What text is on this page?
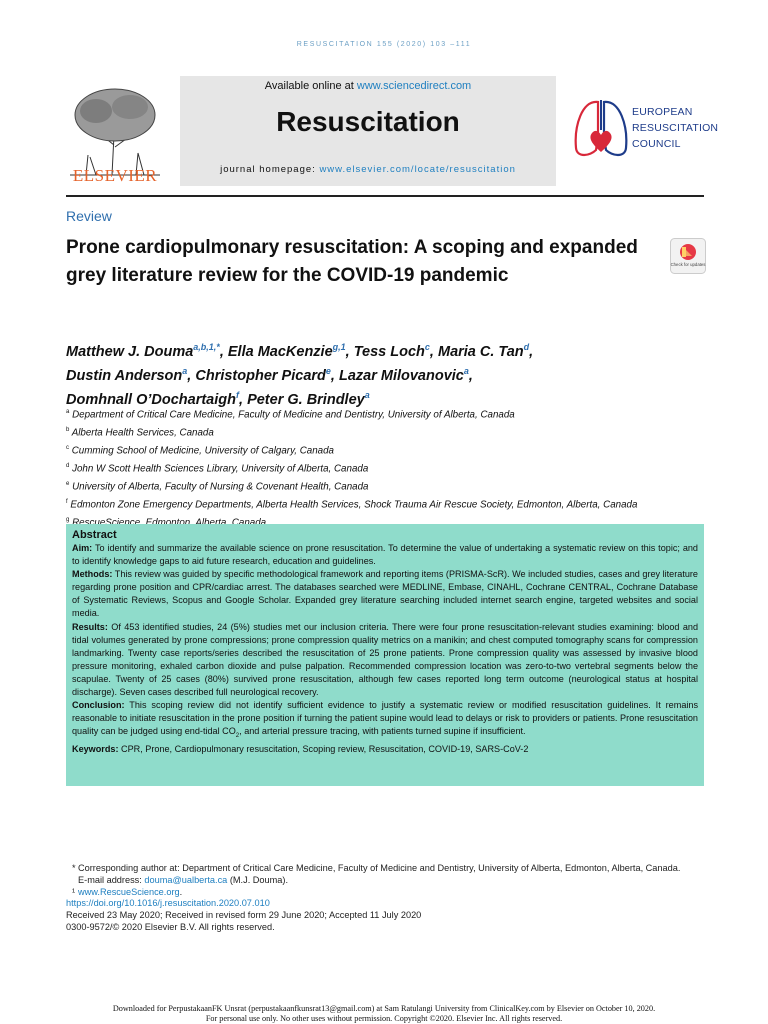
RESUSCITATION 155 (2020) 103 –111
ELSEVIER
Available online at www.sciencedirect.com
Resuscitation
journal homepage: www.elsevier.com/locate/resuscitation
EUROPEAN
RESUSCITATION
COUNCIL
Review
Prone cardiopulmonary resuscitation: A scoping and expanded grey literature review for the COVID-19 pandemic
Check for updates
Matthew J. Douma$^{a,b,1,*}$, Ella MacKenzie$^{g,1}$, Tess Loch$^c$, Maria C. Tan$^d$,
Dustin Anderson$^a$, Christopher Picard$^e$, Lazar Milovanovic$^a$,
Domhnall O’Dochartaigh$^f$, Peter G. Brindley$^a$
$^a$ Department of Critical Care Medicine, Faculty of Medicine and Dentistry, University of Alberta, Canada
$^b$ Alberta Health Services, Canada
$^c$ Cumming School of Medicine, University of Calgary, Canada
$^d$ John W Scott Health Sciences Library, University of Alberta, Canada
$^e$ University of Alberta, Faculty of Nursing & Covenant Health, Canada
$^f$ Edmonton Zone Emergency Departments, Alberta Health Services, Shock Trauma Air Rescue Society, Edmonton, Alberta, Canada
$^g$
Abstract

Aim: To identify and summarize the available science on prone resuscitation. To determine the value of undertaking a systematic review on this topic; and to identify knowledge gaps to aid future research, education and guidelines.

Methods: This review was guided by specific methodological framework and reporting items (PRISMA-ScR). We included studies, cases and grey literature regarding prone position and CPR/cardiac arrest. The databases searched were MEDLINE, Embase, CINAHL, Cochrane CENTRAL, Cochrane Database of Systematic Reviews, Scopus and Google Scholar. Expanded grey literature searching included internet search engine, targeted websites and social media.

Results: Of 453 identified studies, 24 (5%) studies met our inclusion criteria. There were four prone resuscitation-relevant studies examining: blood and tidal volumes generated by prone compressions; prone compression quality metrics on a manikin; and chest computed tomography scans for compression landmarking. Twenty case reports/series described the resuscitation of 25 prone patients. Prone compression quality was assessed by invasive blood pressure monitoring, exhaled carbon dioxide and pulse palpation. Recommended compression location was zero-to-two vertebral segments below the scapulae. Twenty of 25 cases (80%) survived prone resuscitation, although few cases reported long term outcome (neurological status at hospital discharge). Seven cases described full neurological recovery.

Conclusion: This scoping review did not identify sufficient evidence to justify a systematic review or modified resuscitation guidelines. It remains reasonable to initiate resuscitation in the prone position if turning the patient supine would lead to delays or risk to providers or patients. Prone resuscitation quality can be judged using end-tidal $CO_2$, and arterial pressure tracing, with patients turned supine if insufficient.

Keywords: CPR, Prone, Cardiopulmonary resuscitation, Scoping review, Resuscitation, COVID-19, SARS-CoV-2

* Corresponding author at: Department of Critical Care Medicine, Faculty of Medicine and Dentistry, University of Alberta, Edmonton, Alberta, Canada.
E-mail address: douma@ualberta.ca (M.J. Douma).
¹ www.RescueScience.org.
https://doi.org/10.1016/j.resuscitation.2020.07.010
Received 23 May 2020; Received in revised form 29 June 2020; Accepted 11 July 2020
0300-9572/© 2020 Elsevier B.V. All rights reserved.
Downloaded for PerpustakaanFK Unsrat (perpustakaanfkunsrat13@gmail.com) at Sam Ratulangi University from ClinicalKey.com by Elsevier on October 10, 2020.
For personal use only. No other uses without permission. Copyright ©2020. Elsevier Inc. All rights reserved.
